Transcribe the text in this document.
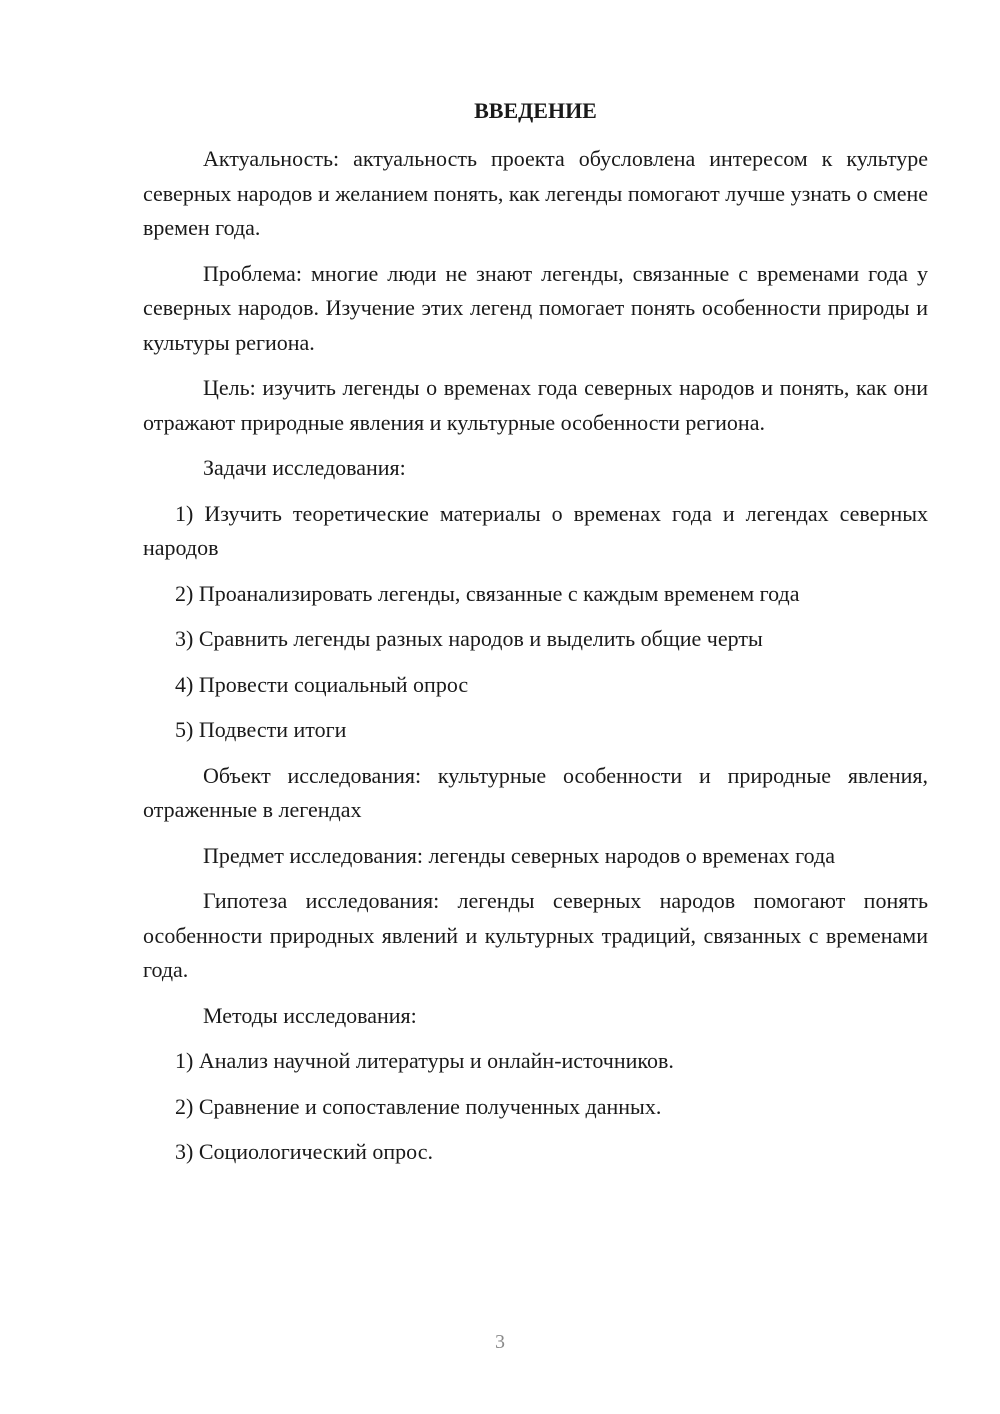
ВВЕДЕНИЕ

Актуальность: актуальность проекта обусловлена интересом к культуре северных народов и желанием понять, как легенды помогают лучше узнать о смене времен года.

Проблема: многие люди не знают легенды, связанные с временами года у северных народов. Изучение этих легенд помогает понять особенности природы и культуры региона.

Цель: изучить легенды о временах года северных народов и понять, как они отражают природные явления и культурные особенности региона.

Задачи исследования:

1) Изучить теоретические материалы о временах года и легендах северных народов

2) Проанализировать легенды, связанные с каждым временем года

3) Сравнить легенды разных народов и выделить общие черты

4) Провести социальный опрос

5) Подвести итоги

Объект исследования: культурные особенности и природные явления, отраженные в легендах

Предмет исследования: легенды северных народов о временах года

Гипотеза исследования: легенды северных народов помогают понять особенности природных явлений и культурных традиций, связанных с временами года.

Методы исследования:

1) Анализ научной литературы и онлайн-источников.

2) Сравнение и сопоставление полученных данных.

3) Социологический опрос.

3
